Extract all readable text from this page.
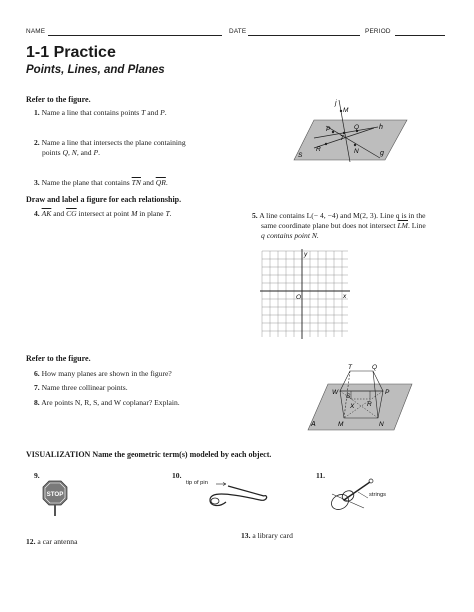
NAME	DATE	PERIOD
1-1 Practice
Points, Lines, and Planes
Refer to the figure.
1. Name a line that contains points T and P.
2. Name a line that intersects the plane containing
points Q, N, and P.
3. Name the plane that contains $\overline{TN}$ and $\overline{QR}$.
j
M
P
T
Q	h
S
R	N	g
Draw and label a figure for each relationship.
4. $\overline{AK}$ and $\overline{CG}$ intersect at point M in plane T.	5. A line contains L(− 4, −4) and M(2, 3). Line q is in the
same coordinate plane but does not intersect $\overline{LM}$. Line
q contains point N.
y
x
O
Refer to the figure.
6. How many planes are shown in the figure?
7. Name three collinear points.
8. Are points N, R, S, and W coplanar? Explain.
T	Q
W
S
P
X R
A	M	N
VISUALIZATION Name the geometric term(s) modeled by each object.
9.
STOP
10.
tip of pin
11.
strings
12. a car antenna
13. a library card
